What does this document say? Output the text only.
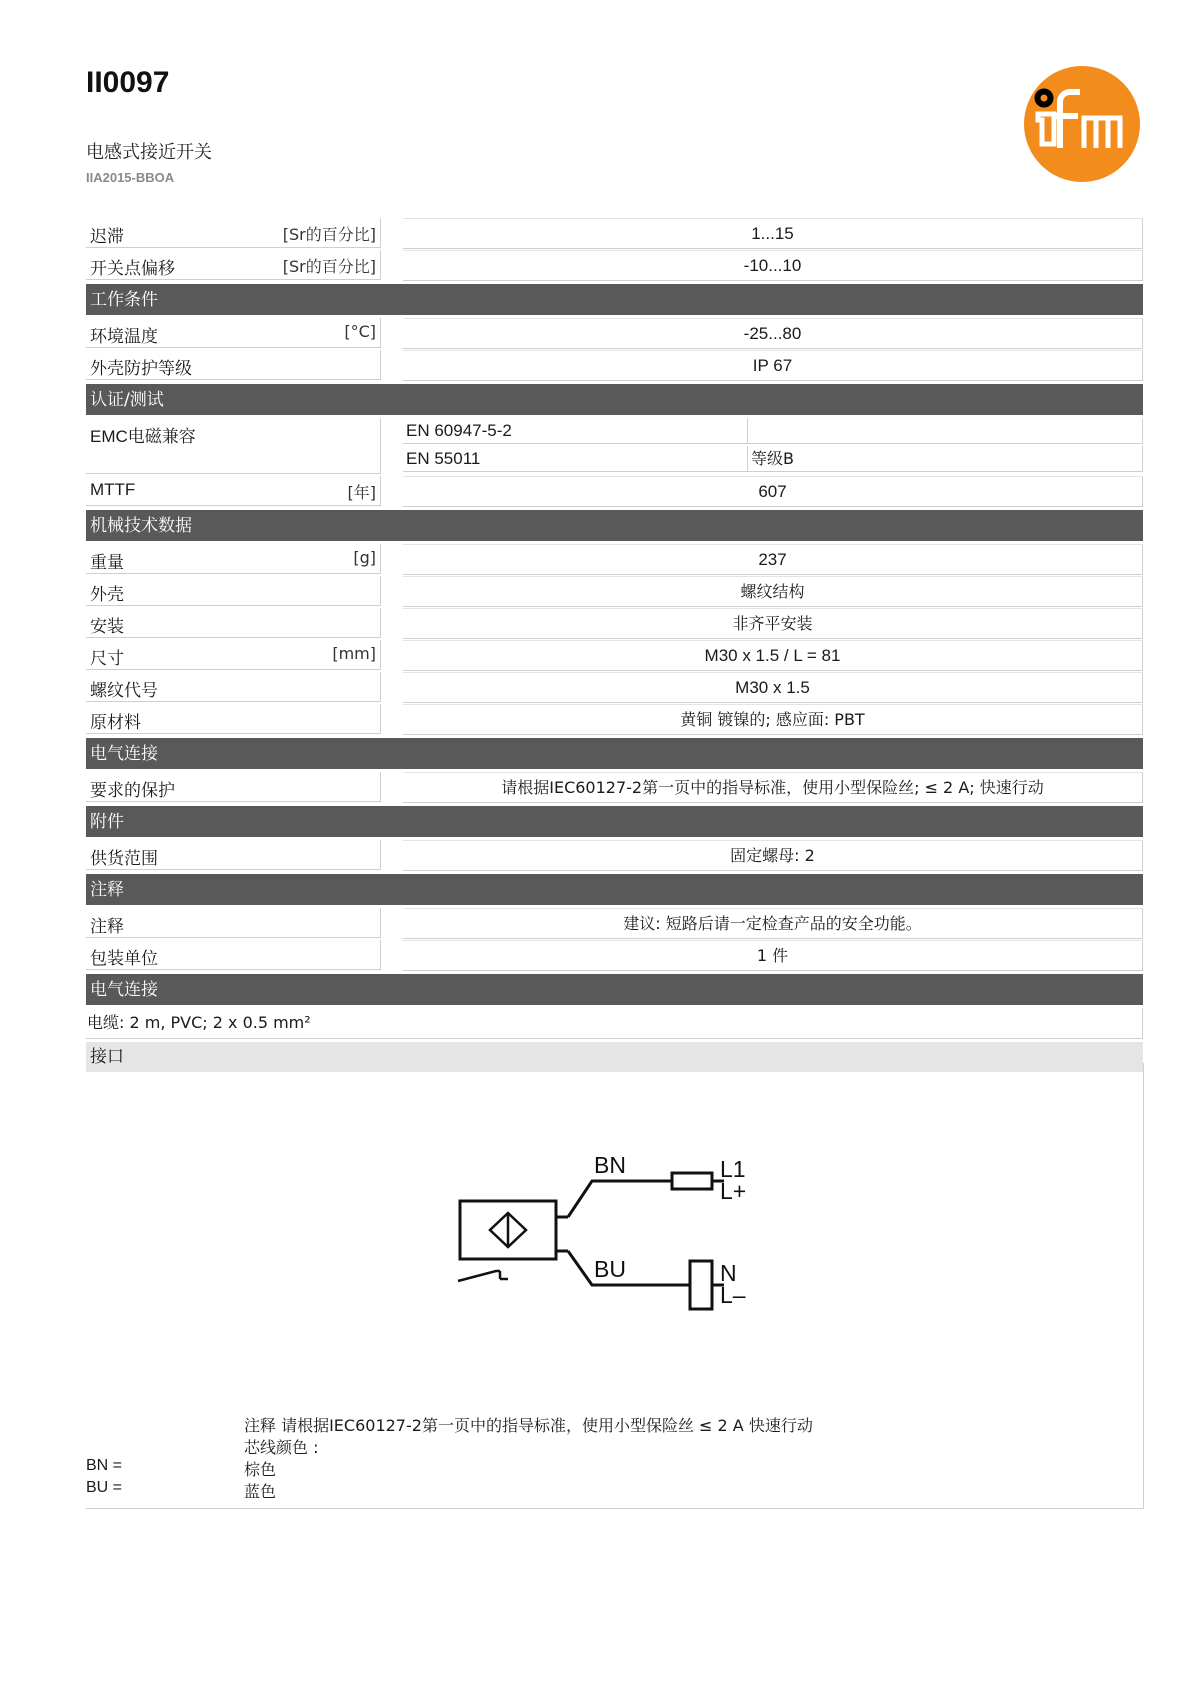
II0097
电感式接近开关
IIA2015-BBOA
迟滞	[Sr的百分比]	1...15
开关点偏移	[Sr的百分比]	-10...10
工作条件
环境温度	[°C]	-25...80
外壳防护等级	IP 67
认证/测试
EMC电磁兼容	EN 60947-5-2
EN 55011	等级B
MTTF	[年]	607
机械技术数据
重量	[g]	237
外壳	螺纹结构
安装	非齐平安装
尺寸	[mm]	M30 x 1.5 / L = 81
螺纹代号	M30 x 1.5
原材料	黄铜 镀镍的; 感应面: PBT
电气连接
要求的保护	请根据IEC60127-2第一页中的指导标准，使用小型保险丝; ≤ 2 A; 快速行动
附件
供货范围	固定螺母: 2
注释
注释	建议: 短路后请一定检查产品的安全功能。
包装单位	1 件
电气连接
电缆: 2 m, PVC; 2 x 0.5 mm²
接口
BN
BU
L1
L+
N
L–
注释 请根据IEC60127-2第一页中的指导标准，使用小型保险丝 ≤ 2 A 快速行动
芯线颜色 :
BN =	棕色
BU =	蓝色
